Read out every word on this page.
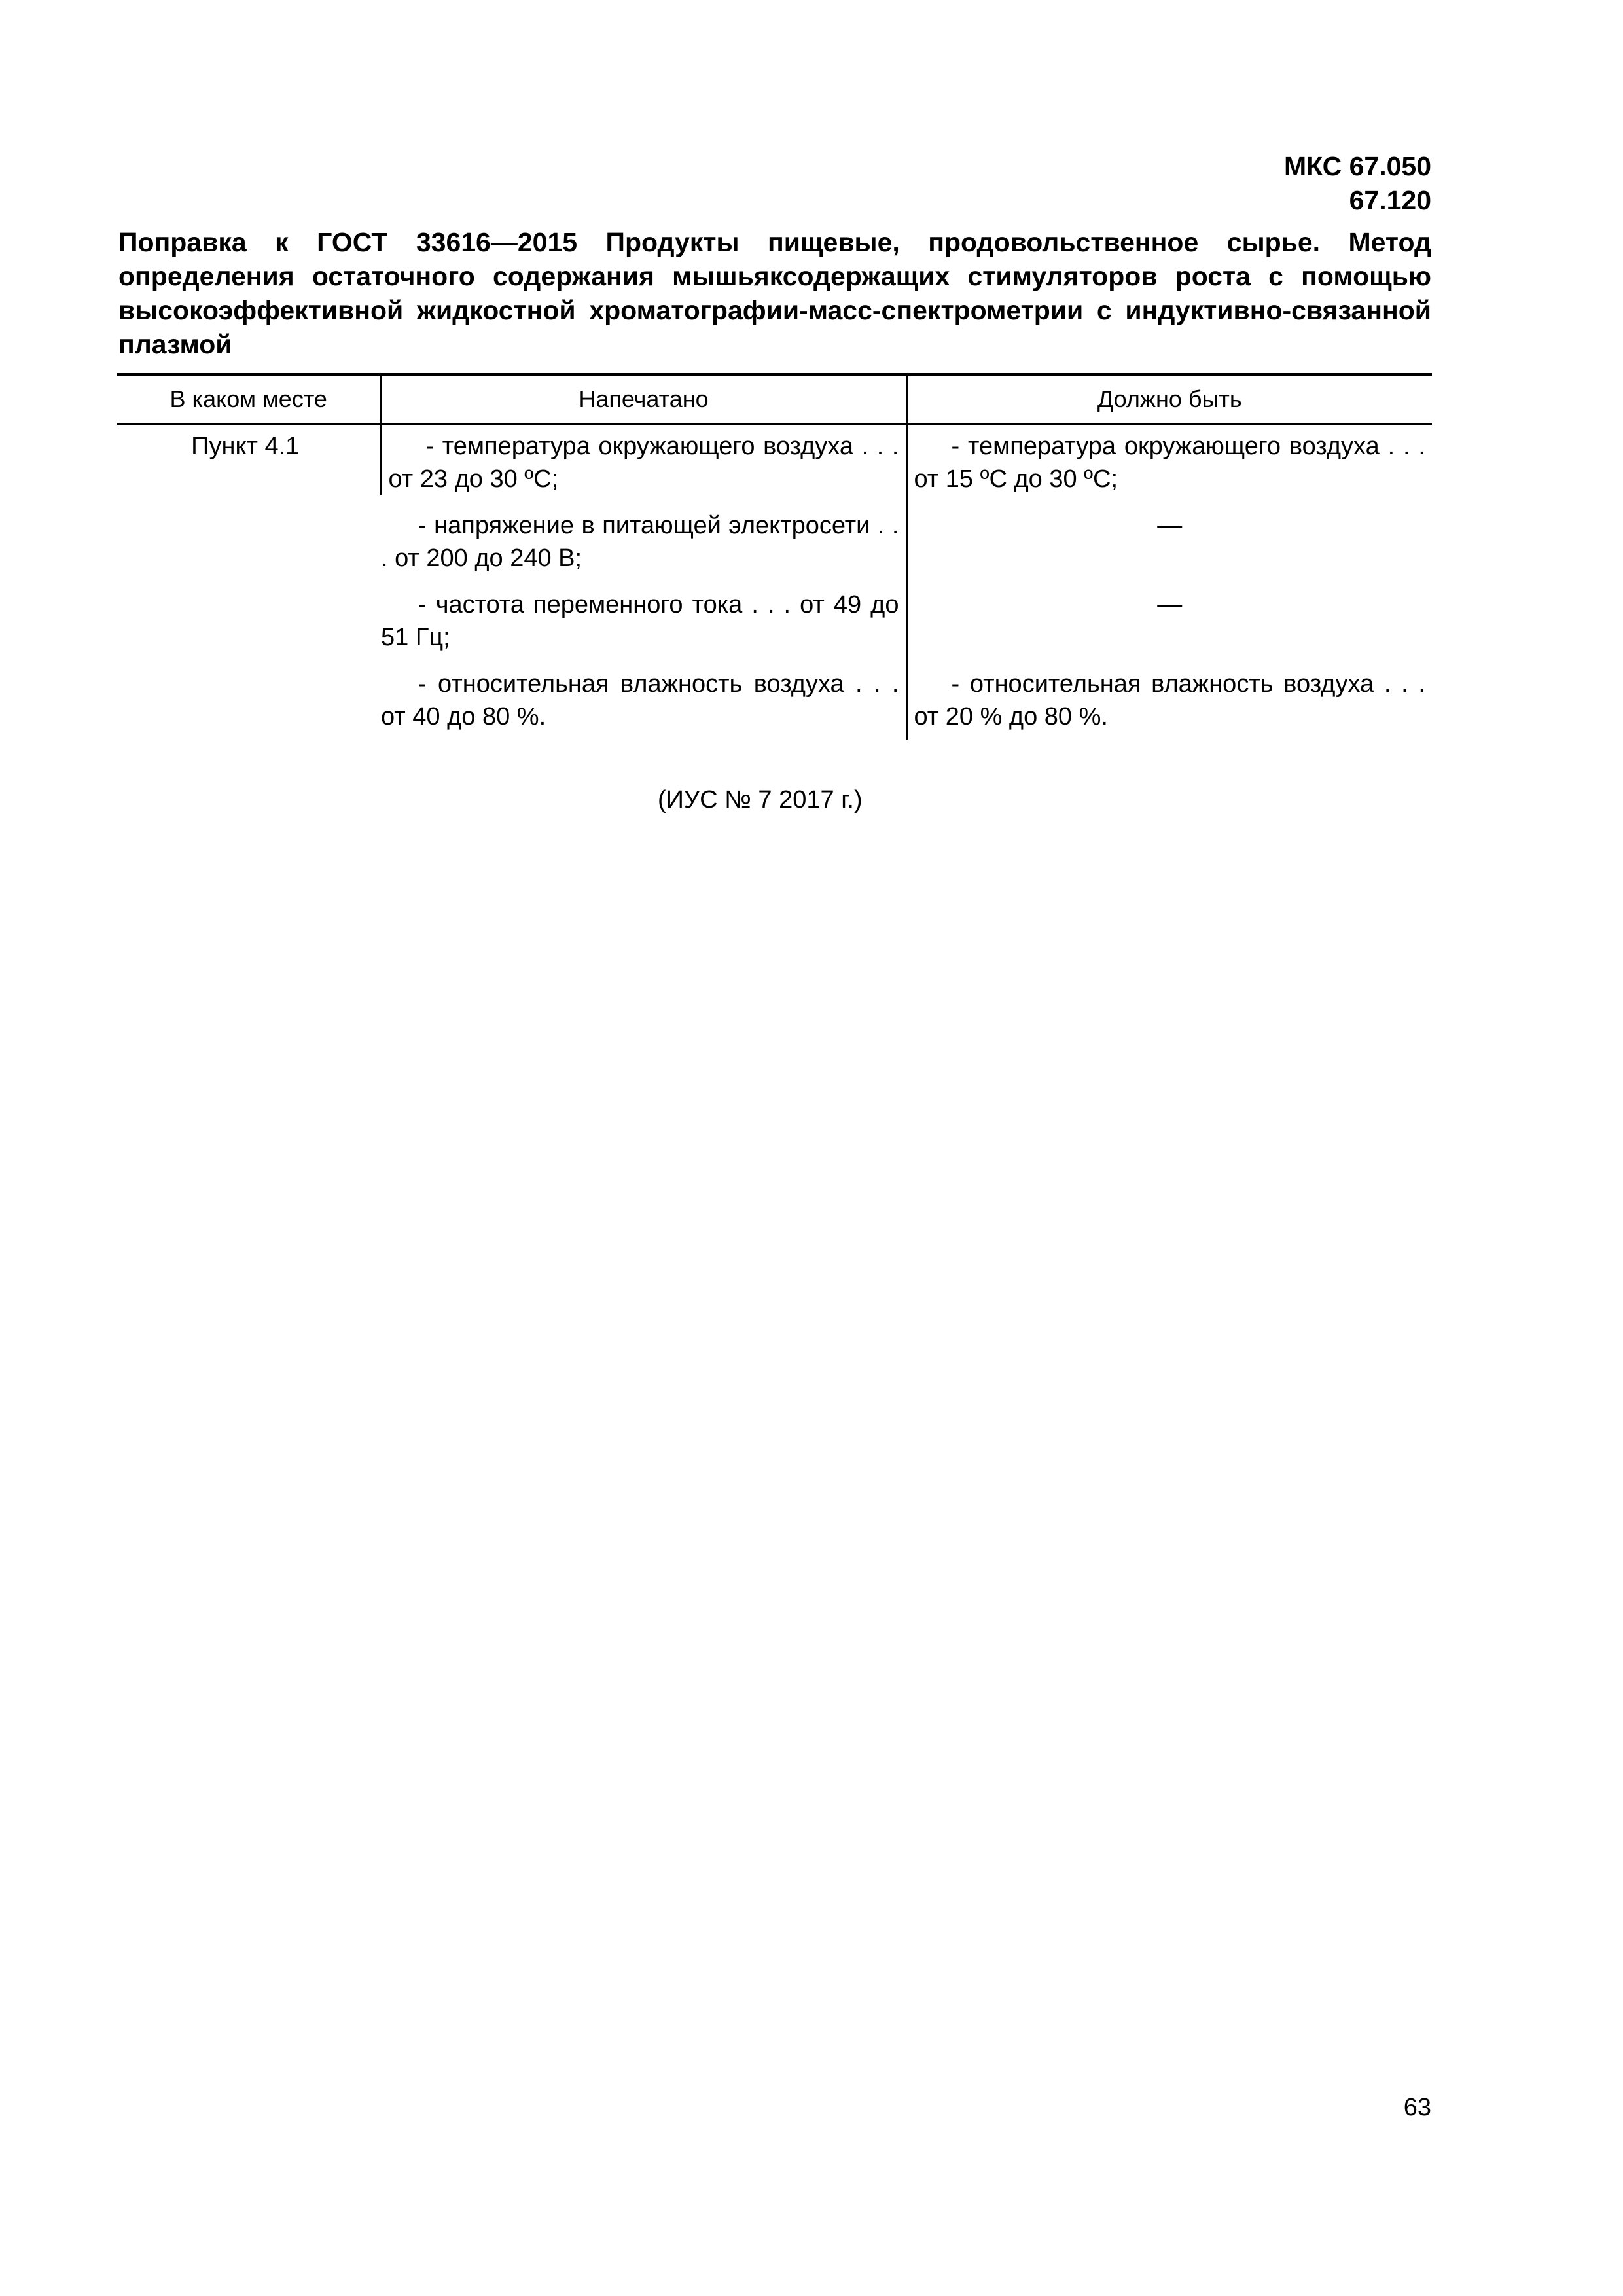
МКС 67.050
67.120

Поправка к ГОСТ 33616—2015 Продукты пищевые, продовольственное сырье. Метод определения остаточного содержания мышьяксодержащих стимуляторов роста с помощью высокоэффективной жидкостной хроматографии-масс-спектрометрии с индуктивно-связанной плазмой

В каком месте	Напечатано	Должно быть
Пункт 4.1	- температура окружающего воздуха . . . от 23 до 30 ºС;	- температура окружающего воздуха . . . от 15 ºС до 30 ºС;

	- напряжение в питающей электросети . . . от 200 до 240 В;	—

	- частота переменного тока . . . от 49 до 51 Гц;	—

	- относительная влажность воздуха . . . от 40 до 80 %.	- относительная влажность воздуха . . . от 20 % до 80 %.

(ИУС № 7 2017 г.)
63
